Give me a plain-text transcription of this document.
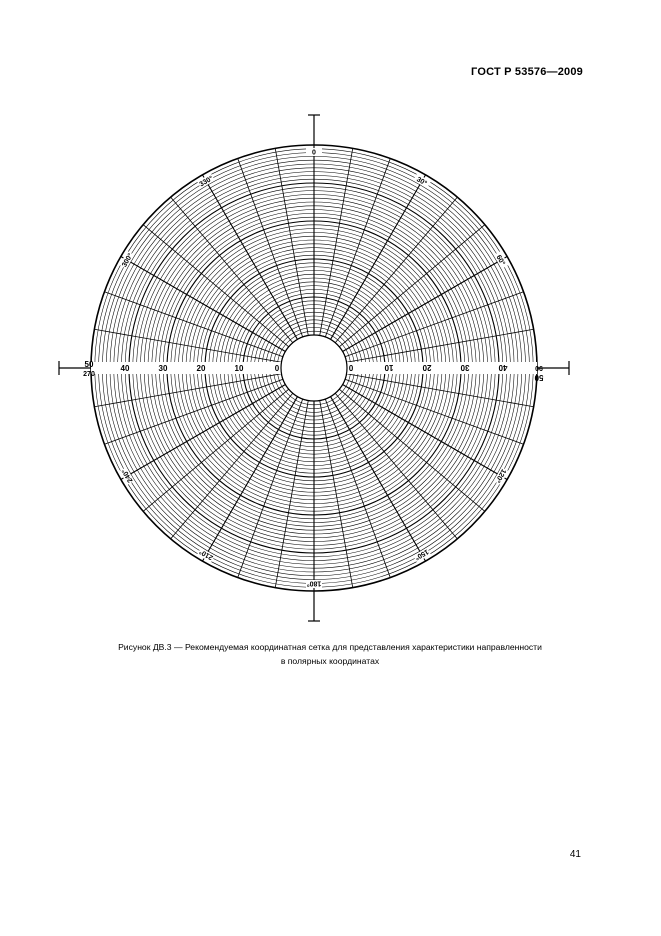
ГОСТ Р 53576—2009
0	0
10	10
20	20
30	30
40	40
50
270	50
90
0
30°
60°
120°
150°
180°
210°
240°
300°
330°
Рисунок ДВ.3 — Рекомендуемая координатная сетка для представления характеристики направленности
в полярных координатах
41
